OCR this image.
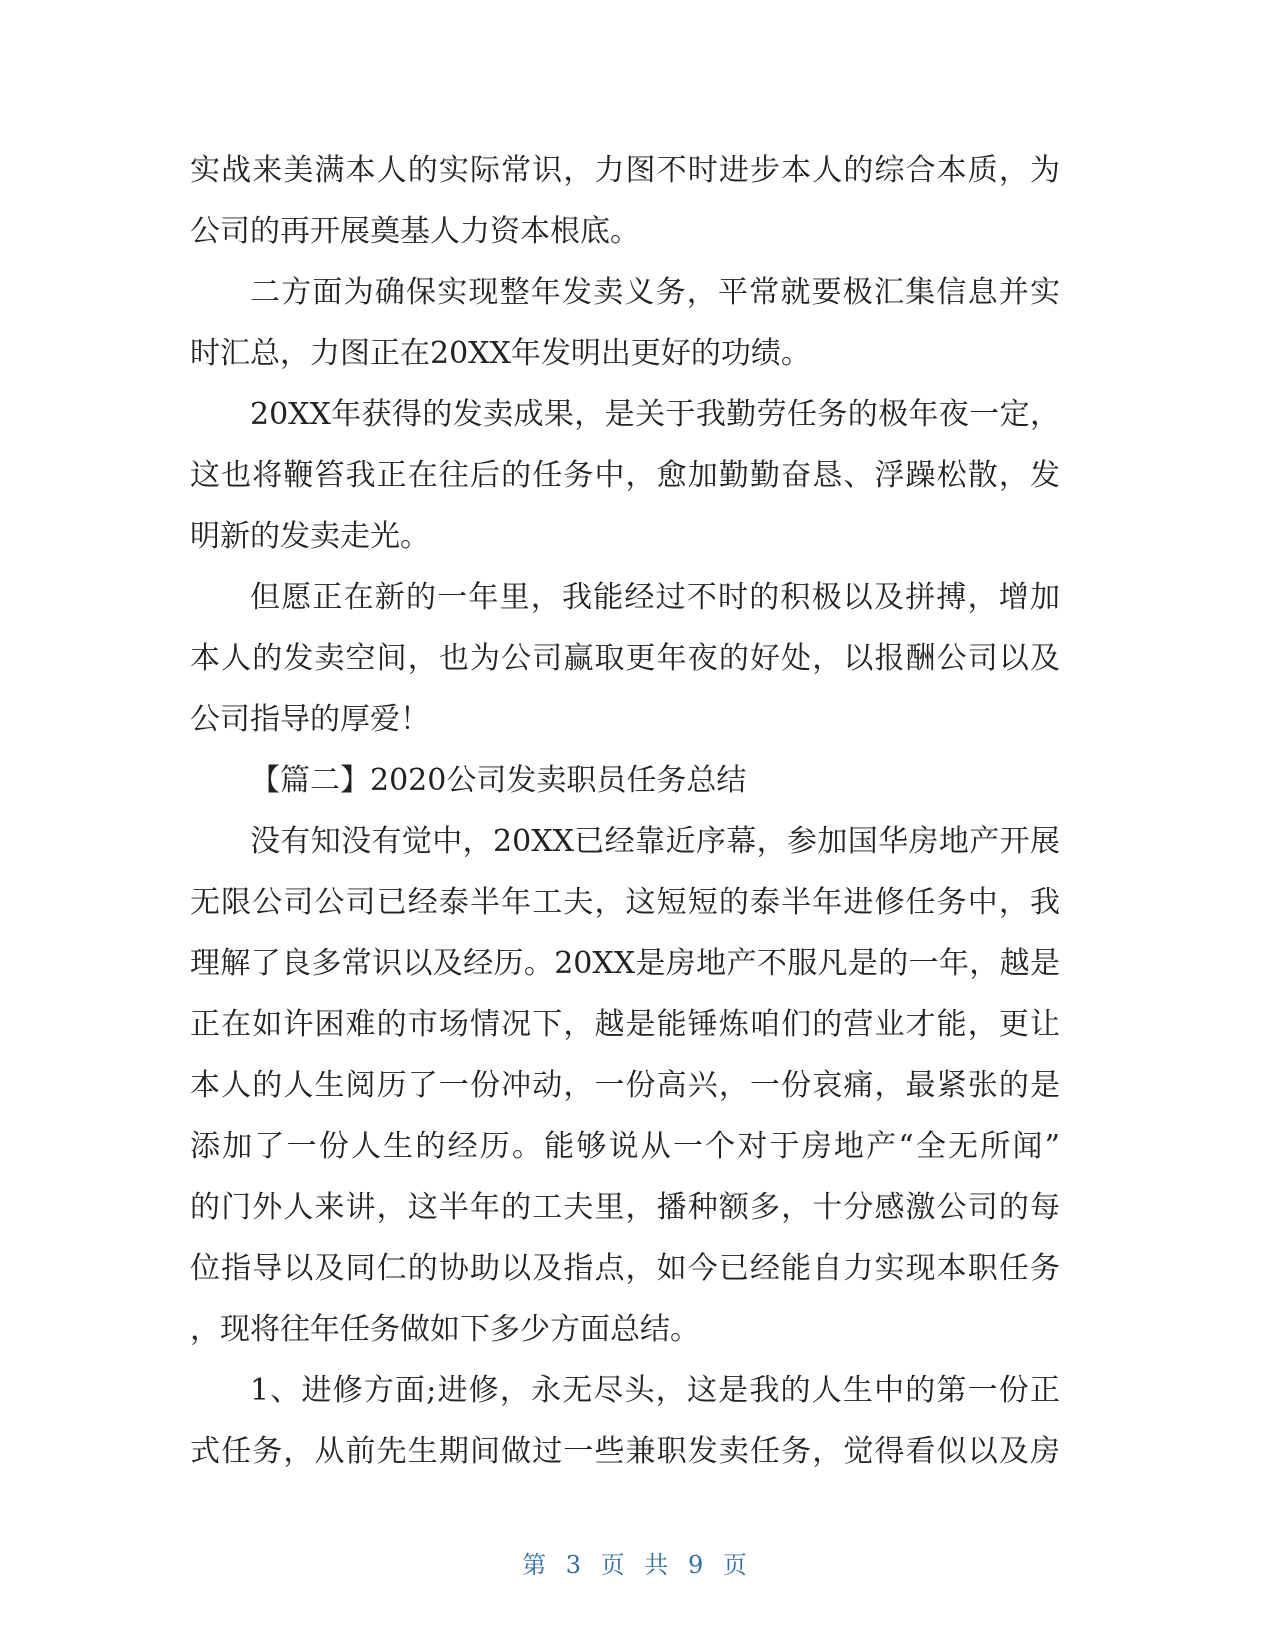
实战来美满本人的实际常识，力图不时进步本人的综合本质，为
公司的再开展奠基人力资本根底。
二方面为确保实现整年发卖义务，平常就要极汇集信息并实
时汇总，力图正在20XX年发明出更好的功绩。
20XX年获得的发卖成果，是关于我勤劳任务的极年夜一定，
这也将鞭笞我正在往后的任务中，愈加勤勤奋恳、浮躁松散，发
明新的发卖走光。
但愿正在新的一年里，我能经过不时的积极以及拼搏，增加
本人的发卖空间，也为公司赢取更年夜的好处，以报酬公司以及
公司指导的厚爱！
【篇二】2020公司发卖职员任务总结
没有知没有觉中，20XX已经靠近序幕，参加国华房地产开展
无限公司公司已经泰半年工夫，这短短的泰半年进修任务中，我
理解了良多常识以及经历。20XX是房地产不服凡是的一年，越是
正在如许困难的市场情况下，越是能锤炼咱们的营业才能，更让
本人的人生阅历了一份冲动，一份高兴，一份哀痛，最紧张的是
添加了一份人生的经历。能够说从一个对于房地产“全无所闻”
的门外人来讲，这半年的工夫里，播种额多，十分感激公司的每
位指导以及同仁的协助以及指点，如今已经能自力实现本职任务
，现将往年任务做如下多少方面总结。
1、进修方面;进修，永无尽头，这是我的人生中的第一份正
式任务，从前先生期间做过一些兼职发卖任务，觉得看似以及房
第 3 页 共 9 页
